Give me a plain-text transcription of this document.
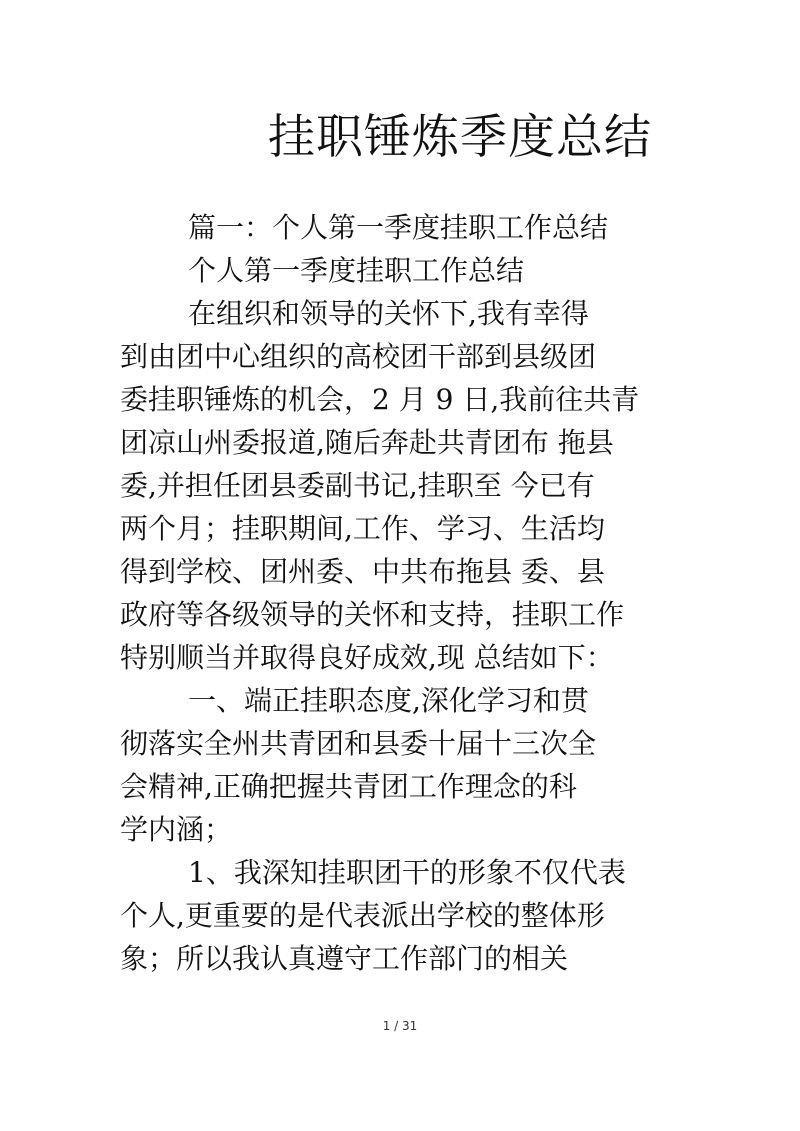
挂职锤炼季度总结

篇一：个人第一季度挂职工作总结

个人第一季度挂职工作总结

在组织和领导的关怀下,我有幸得

到由团中心组织的高校团干部到县级团

委挂职锤炼的机会，2 月 9 日,我前往共青

团凉山州委报道,随后奔赴共青团布 拖县

委,并担任团县委副书记,挂职至 今已有

两个月；挂职期间,工作、学习、生活均

得到学校、团州委、中共布拖县 委、县

政府等各级领导的关怀和支持，挂职工作

特别顺当并取得良好成效,现 总结如下：

一、端正挂职态度,深化学习和贯

彻落实全州共青团和县委十届十三次全

会精神,正确把握共青团工作理念的科

学内涵；

1、我深知挂职团干的形象不仅代表

个人,更重要的是代表派出学校的整体形

象；所以我认真遵守工作部门的相关

1 / 31
